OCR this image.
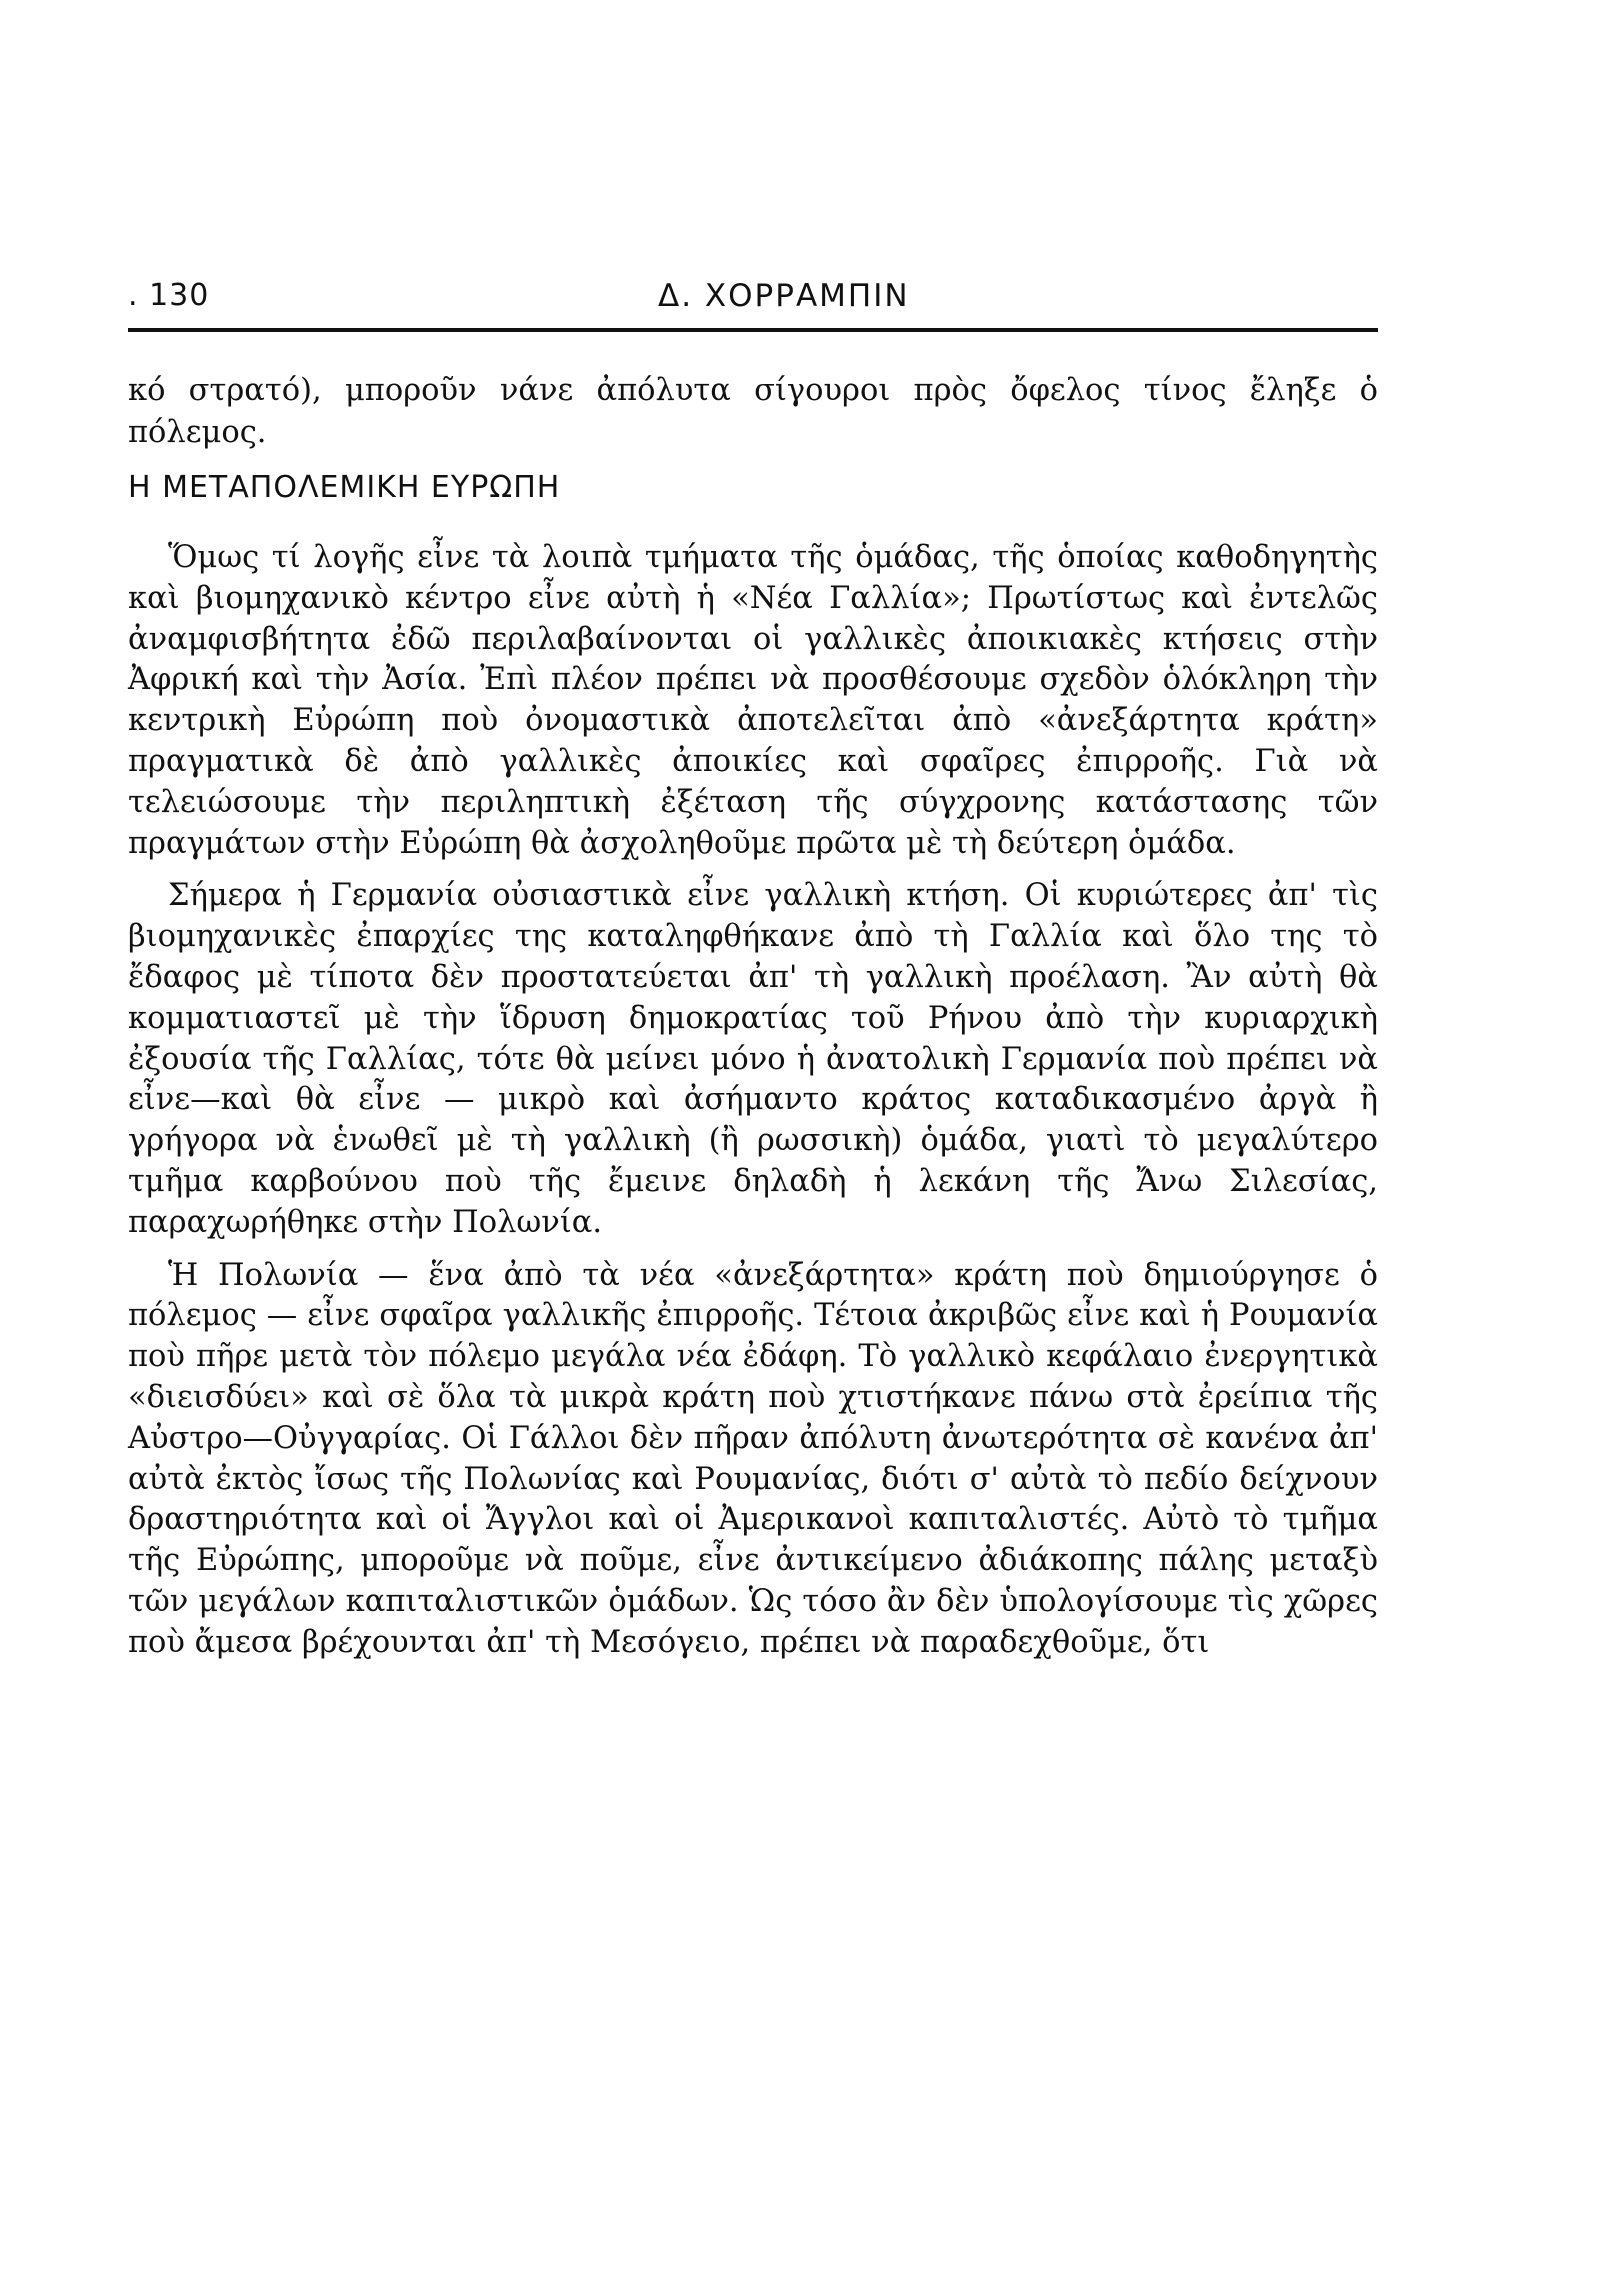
. 130	Δ. ΧΟΡΡΑΜΠΙΝ
κό στρατό), μποροῦν νάνε ἀπόλυτα σίγουροι πρὸς ὄφελος τίνος ἔληξε ὁ πόλεμος.
Η ΜΕΤΑΠΟΛΕΜΙΚΗ ΕΥΡΩΠΗ

Ὅμως τί λογῆς εἶνε τὰ λοιπὰ τμήματα τῆς ὁμάδας, τῆς ὁποίας καθοδηγητὴς καὶ βιομηχανικὸ κέντρο εἶνε αὐτὴ ἡ «Νέα Γαλλία»; Πρωτίστως καὶ ἐντελῶς ἀναμφισβήτητα ἐδῶ περιλαβαίνονται οἱ γαλλικὲς ἀποικιακὲς κτήσεις στὴν Ἀφρική καὶ τὴν Ἀσία. Ἐπὶ πλέον πρέπει νὰ προσθέσουμε σχεδὸν ὁλόκληρη τὴν κεντρικὴ Εὐρώπη ποὺ ὀνομαστικὰ ἀποτελεῖται ἀπὸ «ἀνεξάρτητα κράτη» πραγματικὰ δὲ ἀπὸ γαλλικὲς ἀποικίες καὶ σφαῖρες ἐπιρροῆς. Γιὰ νὰ τελειώσουμε τὴν περιληπτικὴ ἐξέταση τῆς σύγχρονης κατάστασης τῶν πραγμάτων στὴν Εὐρώπη θὰ ἀσχοληθοῦμε πρῶτα μὲ τὴ δεύτερη ὁμάδα.

Σήμερα ἡ Γερμανία οὐσιαστικὰ εἶνε γαλλικὴ κτήση. Οἱ κυριώτερες ἀπ' τὶς βιομηχανικὲς ἐπαρχίες της καταληφθήκανε ἀπὸ τὴ Γαλλία καὶ ὅλο της τὸ ἔδαφος μὲ τίποτα δὲν προστατεύεται ἀπ' τὴ γαλλικὴ προέλαση. Ἂν αὐτὴ θὰ κομματιαστεῖ μὲ τὴν ἵδρυση δημοκρατίας τοῦ Ρήνου ἀπὸ τὴν κυριαρχικὴ ἐξουσία τῆς Γαλλίας, τότε θὰ μείνει μόνο ἡ ἀνατολικὴ Γερμανία ποὺ πρέπει νὰ εἶνε—καὶ θὰ εἶνε — μικρὸ καὶ ἀσήμαντο κράτος καταδικασμένο ἀργὰ ἢ γρήγορα νὰ ἑνωθεῖ μὲ τὴ γαλλικὴ (ἢ ρωσσικὴ) ὁμάδα, γιατὶ τὸ μεγαλύτερο τμῆμα καρβούνου ποὺ τῆς ἔμεινε δηλαδὴ ἡ λεκάνη τῆς Ἄνω Σιλεσίας, παραχωρήθηκε στὴν Πολωνία.

Ἡ Πολωνία — ἕνα ἀπὸ τὰ νέα «ἀνεξάρτητα» κράτη ποὺ δημιούργησε ὁ πόλεμος — εἶνε σφαῖρα γαλλικῆς ἐπιρροῆς. Τέτοια ἀκριβῶς εἶνε καὶ ἡ Ρουμανία ποὺ πῆρε μετὰ τὸν πόλεμο μεγάλα νέα ἐδάφη. Τὸ γαλλικὸ κεφάλαιο ἐνεργητικὰ «διεισδύει» καὶ σὲ ὅλα τὰ μικρὰ κράτη ποὺ χτιστήκανε πάνω στὰ ἐρείπια τῆς Αὐστρο—Οὐγγαρίας. Οἱ Γάλλοι δὲν πῆραν ἀπόλυτη ἀνωτερότητα σὲ κανένα ἀπ' αὐτὰ ἐκτὸς ἴσως τῆς Πολωνίας καὶ Ρουμανίας, διότι σ' αὐτὰ τὸ πεδίο δείχνουν δραστηριότητα καὶ οἱ Ἄγγλοι καὶ οἱ Ἀμερικανοὶ καπιταλιστές. Αὐτὸ τὸ τμῆμα τῆς Εὐρώπης, μποροῦμε νὰ ποῦμε, εἶνε ἀντικείμενο ἀδιάκοπης πάλης μεταξὺ τῶν μεγάλων καπιταλιστικῶν ὁμάδων. Ὡς τόσο ἂν δὲν ὑπολογίσουμε τὶς χῶρες ποὺ ἄμεσα βρέχουνται ἀπ' τὴ Μεσόγειο, πρέπει νὰ παραδεχθοῦμε, ὅτι
